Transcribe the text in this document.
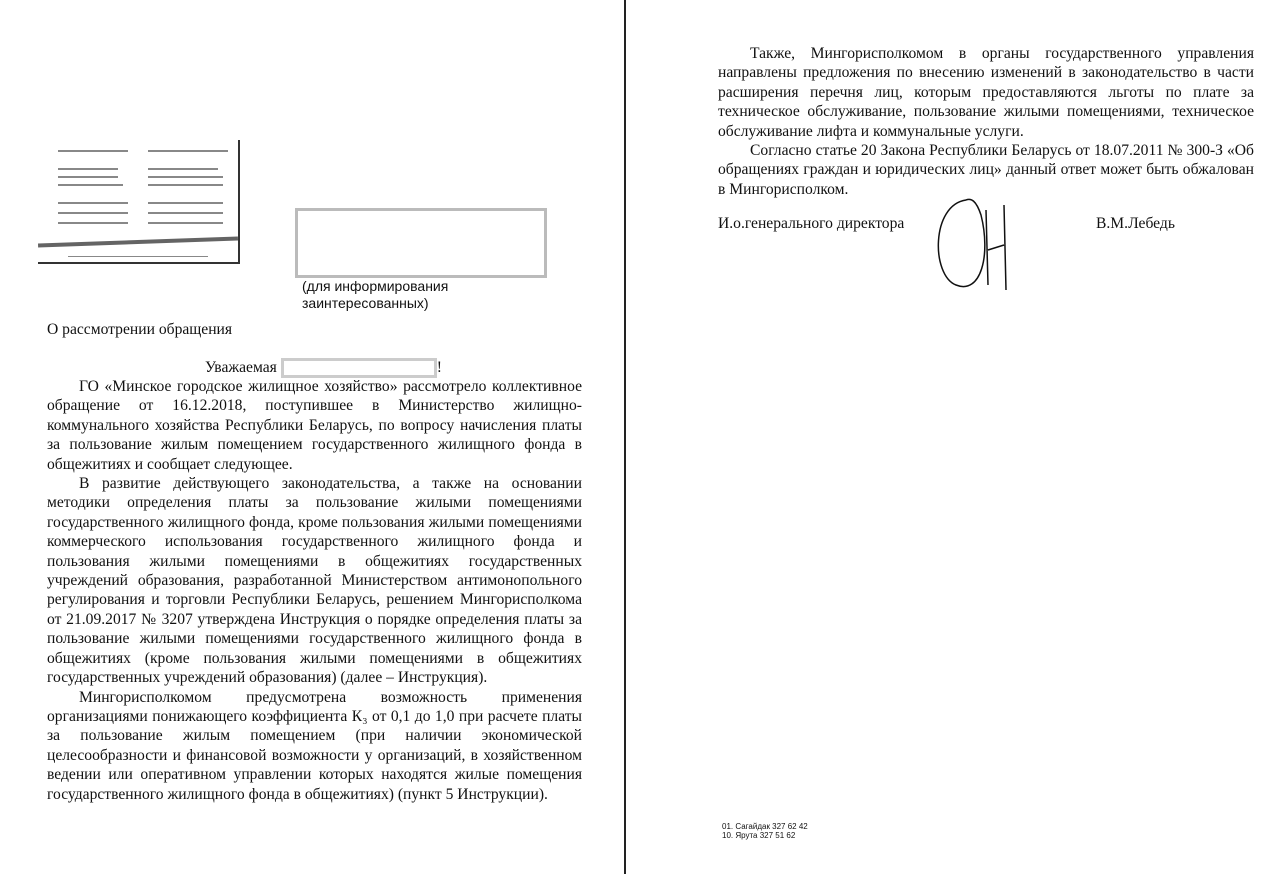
(для информирования
заинтересованных)
О рассмотрении обращения
Уважаемая	!

ГО «Минское городское жилищное хозяйство» рассмотрело коллективное обращение от 16.12.2018, поступившее в Министерство жилищно-коммунального хозяйства Республики Беларусь, по вопросу начисления платы за пользование жилым помещением государственного жилищного фонда в общежитиях и сообщает следующее.

В развитие действующего законодательства, а также на основании методики определения платы за пользование жилыми помещениями государственного жилищного фонда, кроме пользования жилыми помещениями коммерческого использования государственного жилищного фонда и пользования жилыми помещениями в общежитиях государственных учреждений образования, разработанной Министерством антимонопольного регулирования и торговли Республики Беларусь, решением Мингорисполкома от 21.09.2017 № 3207 утверждена Инструкция о порядке определения платы за пользование жилыми помещениями государственного жилищного фонда в общежитиях (кроме пользования жилыми помещениями в общежитиях государственных учреждений образования) (далее – Инструкция).

Мингорисполкомом предусмотрена возможность применения организациями понижающего коэффициента К₃ от 0,1 до 1,0 при расчете платы за пользование жилым помещением (при наличии экономической целесообразности и финансовой возможности у организаций, в хозяйственном ведении или оперативном управлении которых находятся жилые помещения государственного жилищного фонда в общежитиях) (пункт 5 Инструкции).

Также, Мингорисполкомом в органы государственного управления направлены предложения по внесению изменений в законодательство в части расширения перечня лиц, которым предоставляются льготы по плате за техническое обслуживание, пользование жилыми помещениями, техническое обслуживание лифта и коммунальные услуги.

Согласно статье 20 Закона Республики Беларусь от 18.07.2011 № 300-З «Об обращениях граждан и юридических лиц» данный ответ может быть обжалован в Мингорисполком.

И.о.генерального директора	В.М.Лебедь
01. Сагайдак 327 62 42
10. Ярута 327 51 62
